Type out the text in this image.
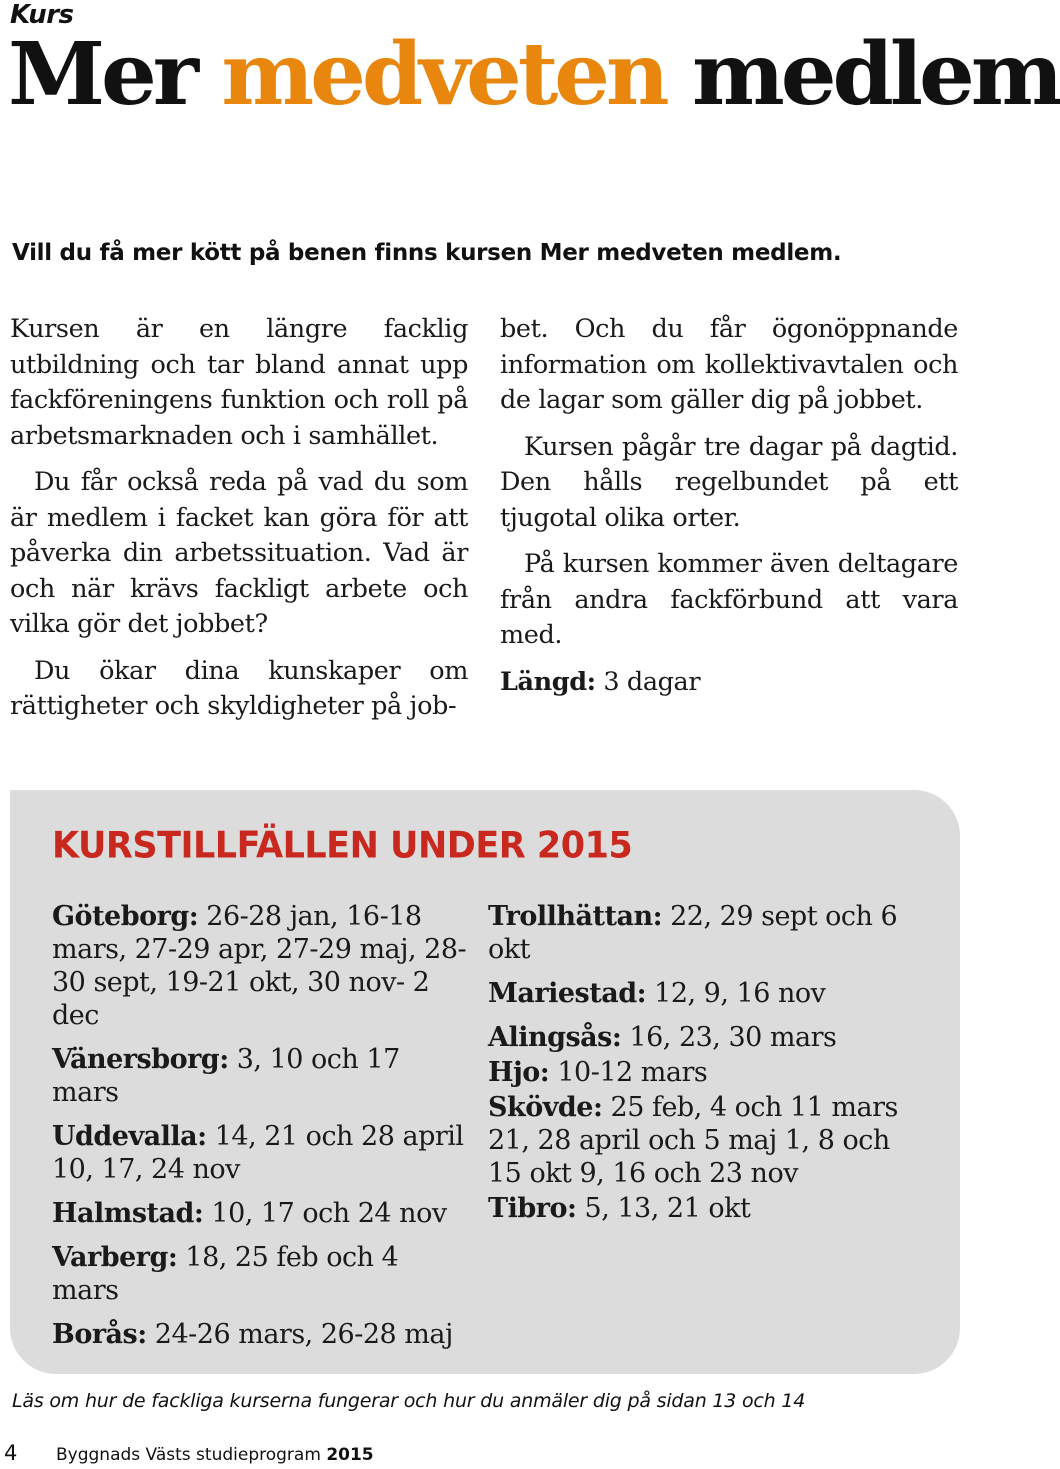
Kurs
Mer medveten medlem
Vill du få mer kött på benen finns kursen Mer medveten medlem.

Kursen är en längre facklig utbildning och tar bland annat upp fackföreningens funktion och roll på arbetsmarknaden och i samhället.

Du får också reda på vad du som är medlem i facket kan göra för att påverka din arbetssituation. Vad är och när krävs fackligt arbete och vilka gör det jobbet?

Du ökar dina kunskaper om rättigheter och skyldigheter på job-

bet. Och du får ögonöppnande information om kollektivavtalen och de lagar som gäller dig på jobbet.

Kursen pågår tre dagar på dagtid. Den hålls regelbundet på ett tjugotal olika orter.

På kursen kommer även deltagare från andra fackförbund att vara med.

Längd: 3 dagar

KURSTILLFÄLLEN UNDER 2015
Göteborg: 26-28 jan, 16-18 mars, 27-29 apr, 27-29 maj, 28-30 sept, 19-21 okt, 30 nov- 2 dec
Vänersborg: 3, 10 och 17 mars
Uddevalla: 14, 21 och 28 april 10, 17, 24 nov
Halmstad: 10, 17 och 24 nov
Varberg: 18, 25 feb och 4 mars
Borås: 24-26 mars, 26-28 maj
Trollhättan: 22, 29 sept och 6 okt
Mariestad: 12, 9, 16 nov
Alingsås: 16, 23, 30 mars
Hjo: 10-12 mars
Skövde: 25 feb, 4 och 11 mars 21, 28 april och 5 maj 1, 8 och 15 okt 9, 16 och 23 nov
Tibro: 5, 13, 21 okt
Läs om hur de fackliga kurserna fungerar och hur du anmäler dig på sidan 13 och 14
4 Byggnads Västs studieprogram 2015
